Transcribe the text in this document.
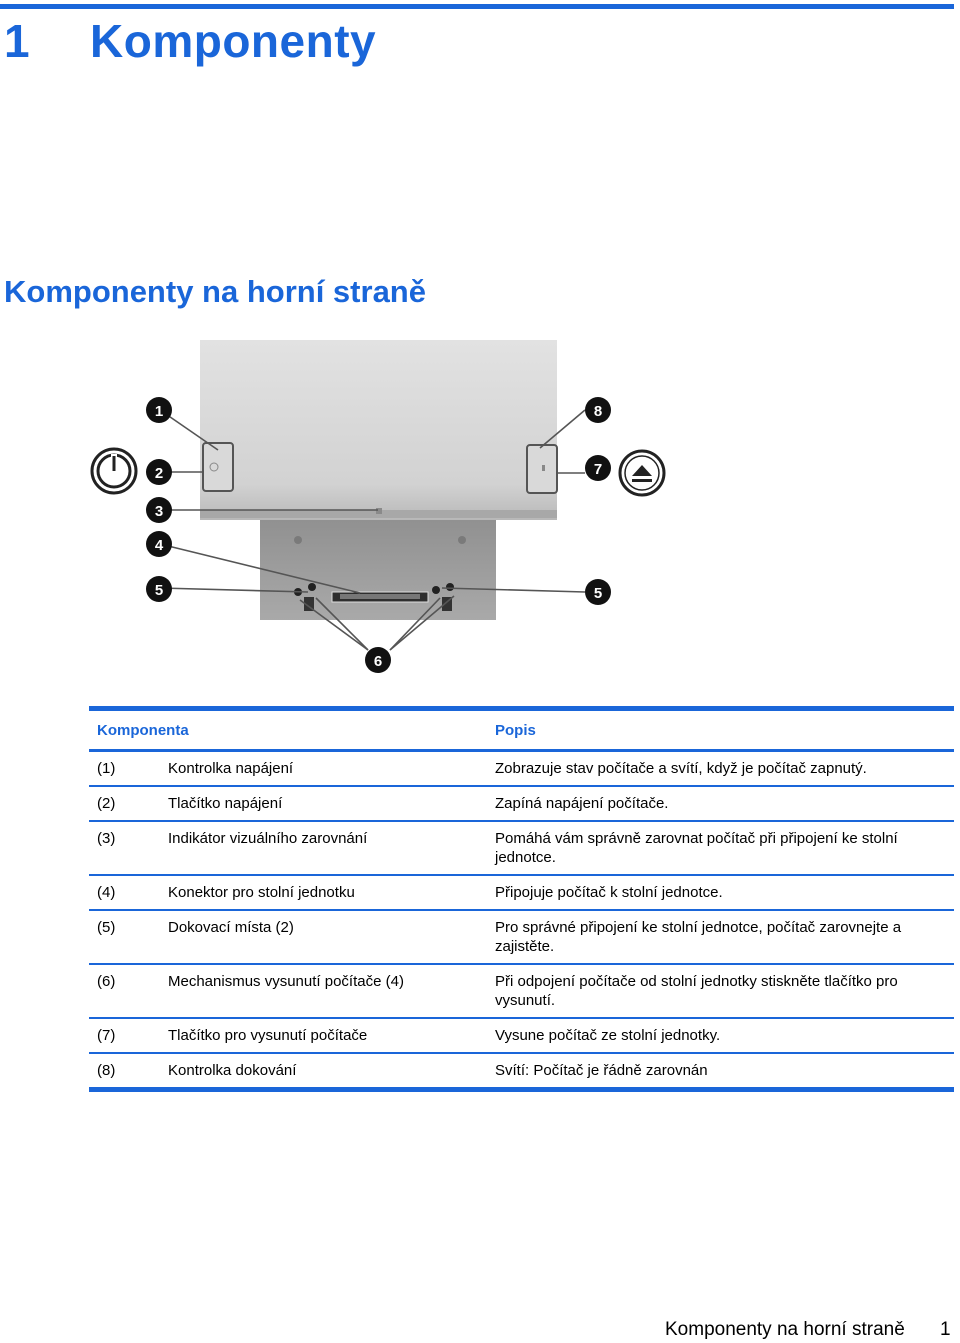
1 Komponenty
Komponenty na horní straně
1
2
3
4
5
8
7
5
6
Komponenta	Popis
(1)	Kontrolka napájení	Zobrazuje stav počítače a svítí, když je počítač zapnutý.
(2)	Tlačítko napájení	Zapíná napájení počítače.
(3)	Indikátor vizuálního zarovnání	Pomáhá vám správně zarovnat počítač při připojení ke stolní jednotce.
(4)	Konektor pro stolní jednotku	Připojuje počítač k stolní jednotce.
(5)	Dokovací místa (2)	Pro správné připojení ke stolní jednotce, počítač zarovnejte a zajistěte.
(6)	Mechanismus vysunutí počítače (4)	Při odpojení počítače od stolní jednotky stiskněte tlačítko pro vysunutí.
(7)	Tlačítko pro vysunutí počítače	Vysune počítač ze stolní jednotky.
(8)	Kontrolka dokování	Svítí: Počítač je řádně zarovnán
Komponenty na horní straně 1
